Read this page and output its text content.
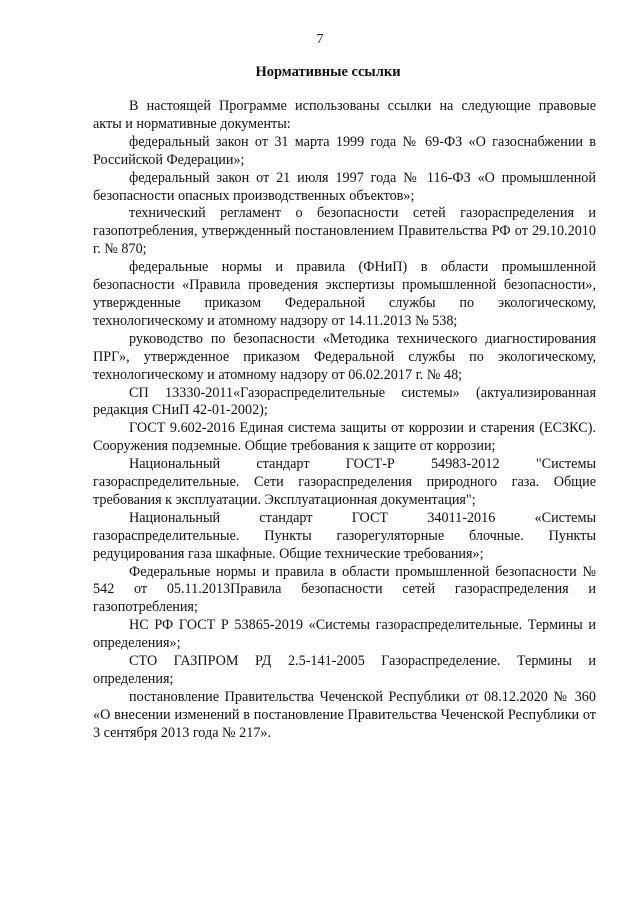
7
Нормативные ссылки

В настоящей Программе использованы ссылки на следующие правовые акты и нормативные документы:

федеральный закон от 31 марта 1999 года № 69-ФЗ «О газоснабжении в Российской Федерации»;

федеральный закон от 21 июля 1997 года № 116-ФЗ «О промышленной безопасности опасных производственных объектов»;

технический регламент о безопасности сетей газораспределения и газопотребления, утвержденный постановлением Правительства РФ от 29.10.2010 г. № 870;

федеральные нормы и правила (ФНиП) в области промышленной безопасности «Правила проведения экспертизы промышленной безопасности», утвержденные приказом Федеральной службы по экологическому, технологическому и атомному надзору от 14.11.2013 № 538;

руководство по безопасности «Методика технического диагностирования ПРГ», утвержденное приказом Федеральной службы по экологическому, технологическому и атомному надзору от 06.02.2017 г. № 48;

СП 13330-2011«Газораспределительные системы» (актуализированная редакция СНиП 42-01-2002);

ГОСТ 9.602-2016 Единая система защиты от коррозии и старения (ЕСЗКС). Сооружения подземные. Общие требования к защите от коррозии;

Национальный стандарт ГОСТ-Р 54983-2012 "Системы газораспределительные. Сети газораспределения природного газа. Общие требования к эксплуатации. Эксплуатационная документация";

Национальный стандарт ГОСТ 34011-2016 «Системы газораспределительные. Пункты газорегуляторные блочные. Пункты редуцирования газа шкафные. Общие технические требования»;

Федеральные нормы и правила в области промышленной безопасности № 542 от 05.11.2013Правила безопасности сетей газораспределения и газопотребления;

НС РФ ГОСТ Р 53865-2019 «Системы газораспределительные. Термины и определения»;

СТО ГАЗПРОМ РД 2.5-141-2005 Газораспределение. Термины и определения;

постановление Правительства Чеченской Республики от 08.12.2020 № 360 «О внесении изменений в постановление Правительства Чеченской Республики от 3 сентября 2013 года № 217».
